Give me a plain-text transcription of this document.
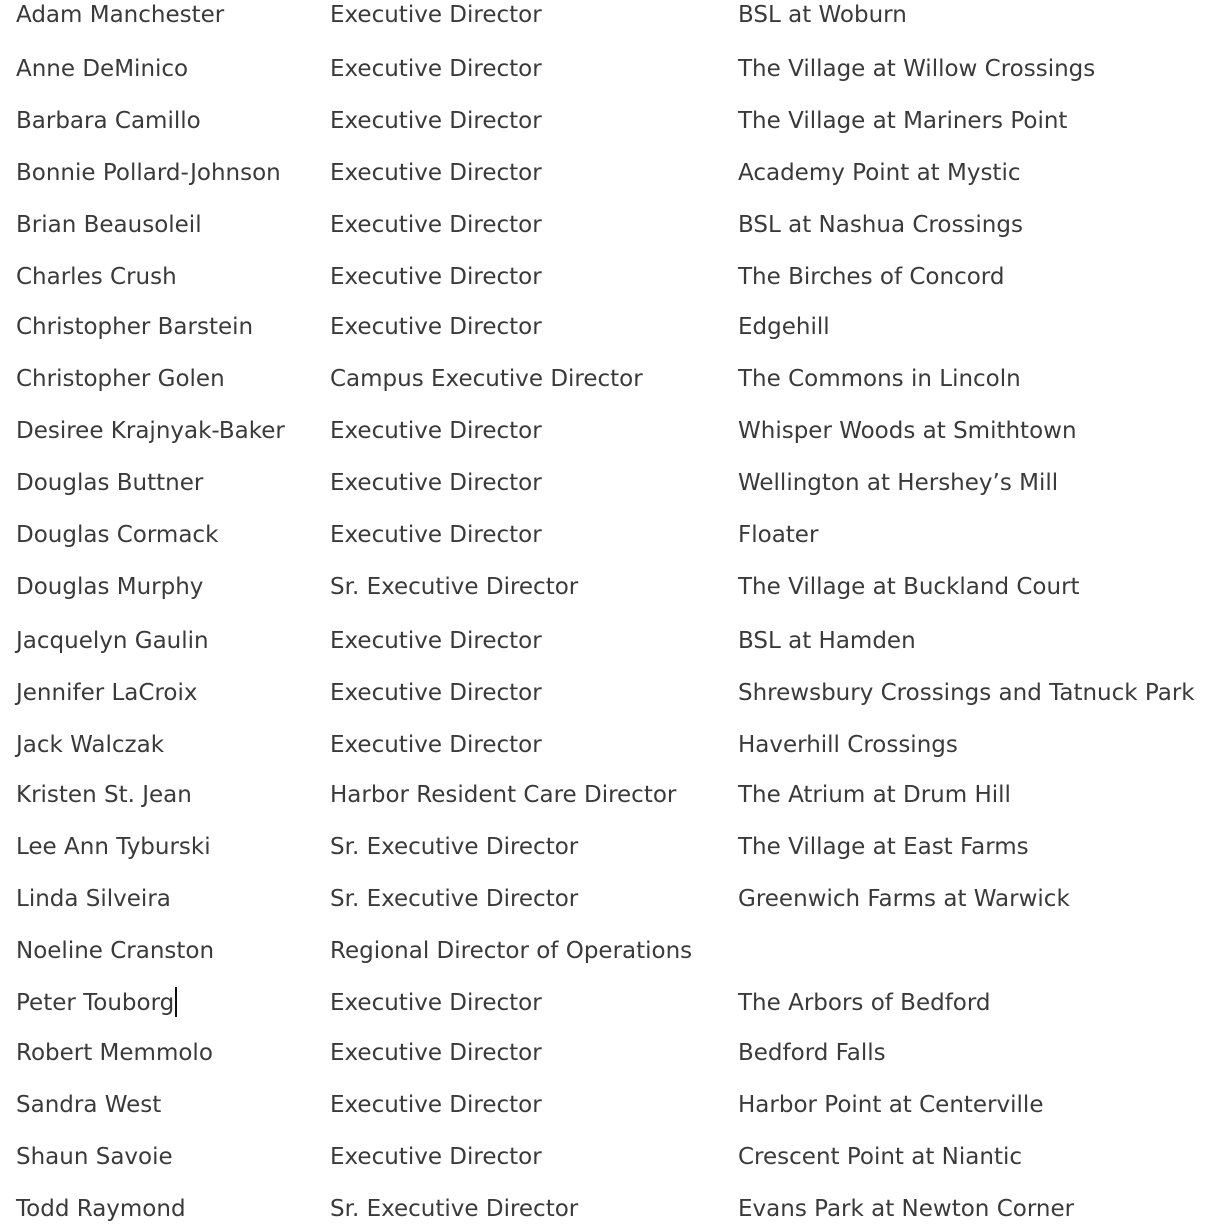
Adam Manchester	Executive Director	BSL at Woburn
Anne DeMinico	Executive Director	The Village at Willow Crossings
Barbara Camillo	Executive Director	The Village at Mariners Point
Bonnie Pollard-Johnson Executive Director	Academy Point at Mystic
Brian Beausoleil	Executive Director	BSL at Nashua Crossings
Charles Crush	Executive Director	The Birches of Concord
Christopher Barstein	Executive Director	Edgehill
Christopher Golen	Campus Executive Director	The Commons in Lincoln
Desiree Krajnyak-Baker Executive Director	Whisper Woods at Smithtown
Douglas Buttner	Executive Director	Wellington at Hershey’s Mill
Douglas Cormack	Executive Director	Floater
Douglas Murphy	Sr. Executive Director	The Village at Buckland Court
Jacquelyn Gaulin	Executive Director	BSL at Hamden
Jennifer LaCroix	Executive Director	Shrewsbury Crossings and Tatnuck Park
Jack Walczak	Executive Director	Haverhill Crossings
Kristen St. Jean	Harbor Resident Care Director	The Atrium at Drum Hill
Lee Ann Tyburski	Sr. Executive Director	The Village at East Farms
Linda Silveira	Sr. Executive Director	Greenwich Farms at Warwick
Noeline Cranston	Regional Director of Operations
Peter Touborg	Executive Director	The Arbors of Bedford
Robert Memmolo	Executive Director	Bedford Falls
Sandra West	Executive Director	Harbor Point at Centerville
Shaun Savoie	Executive Director	Crescent Point at Niantic
Todd Raymond	Sr. Executive Director	Evans Park at Newton Corner
